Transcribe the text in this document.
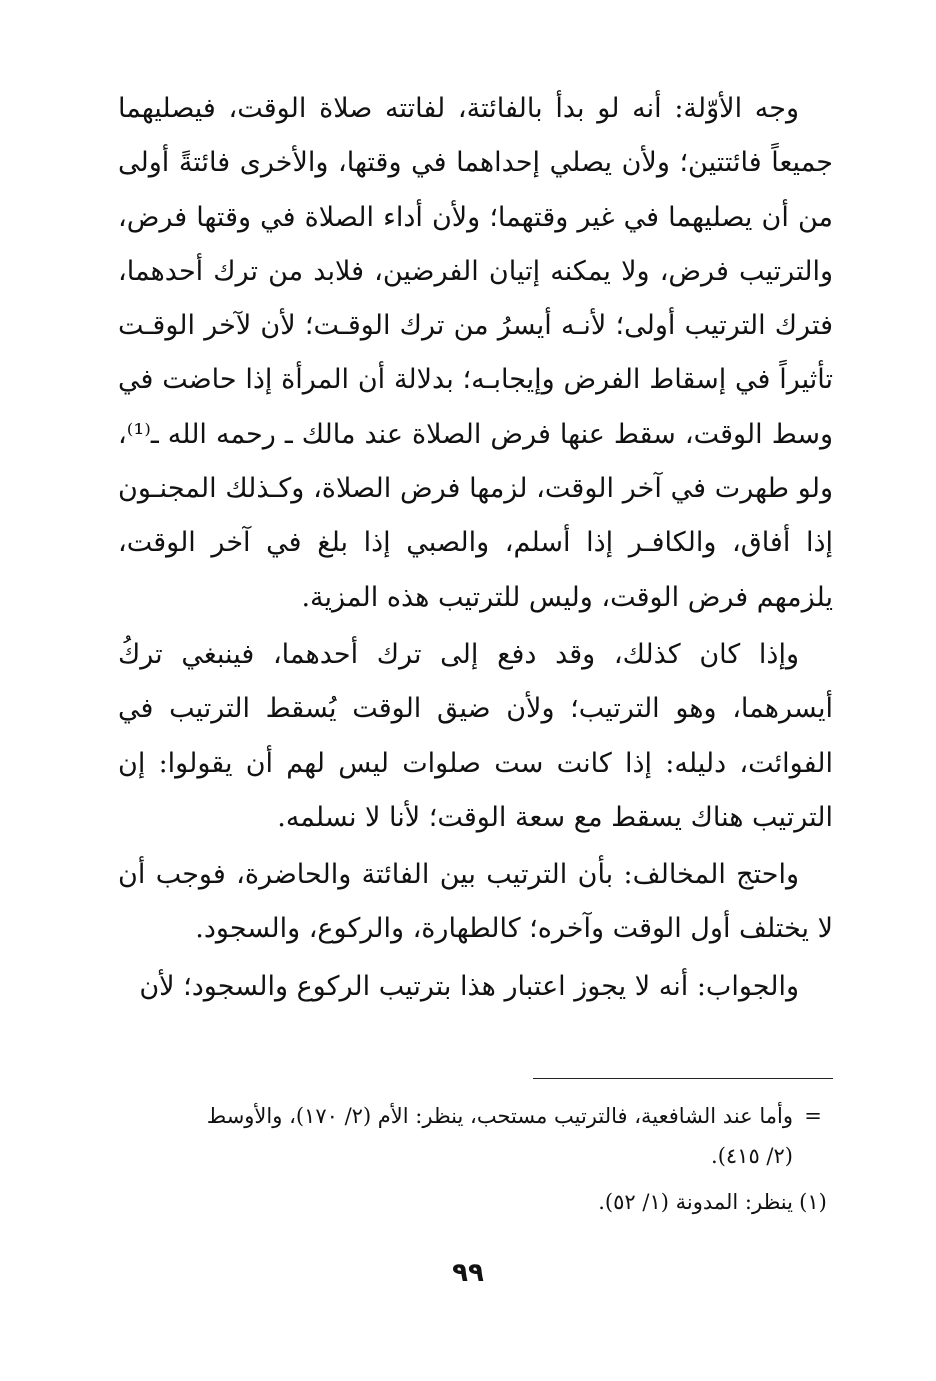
وجه الأوّلة: أنه لو بدأ بالفائتة، لفاتته صلاة الوقت، فيصليهما جميعاً فائتتين؛ ولأن يصلي إحداهما في وقتها، والأخرى فائتةً أولى من أن يصليهما في غير وقتهما؛ ولأن أداء الصلاة في وقتها فرض، والترتيب فرض، ولا يمكنه إتيان الفرضين، فلابد من ترك أحدهما، فترك الترتيب أولى؛ لأنـه أيسرُ من ترك الوقـت؛ لأن لآخر الوقـت تأثيراً في إسقاط الفرض وإيجابـه؛ بدلالة أن المرأة إذا حاضت في وسط الوقت، سقط عنها فرض الصلاة عند مالك ـ رحمه الله ـ⁽¹⁾، ولو طهرت في آخر الوقت، لزمها فرض الصلاة، وكـذلك المجنـون إذا أفاق، والكافـر إذا أسلم، والصبي إذا بلغ في آخر الوقت، يلزمهم فرض الوقت، وليس للترتيب هذه المزية.

وإذا كان كذلك، وقد دفع إلى ترك أحدهما، فينبغي تركُ أيسرهما، وهو الترتيب؛ ولأن ضيق الوقت يُسقط الترتيب في الفوائت، دليله: إذا كانت ست صلوات ليس لهم أن يقولوا: إن الترتيب هناك يسقط مع سعة الوقت؛ لأنا لا نسلمه.

واحتج المخالف: بأن الترتيب بين الفائتة والحاضرة، فوجب أن لا يختلف أول الوقت وآخره؛ كالطهارة، والركوع، والسجود.

والجواب: أنه لا يجوز اعتبار هذا بترتيب الركوع والسجود؛ لأن

=
وأما عند الشافعية، فالترتيب مستحب، ينظر: الأم (٢/ ١٧٠)، والأوسط
(٢/ ٤١٥).
(١)
ينظر: المدونة (١/ ٥٢).
٩٩
